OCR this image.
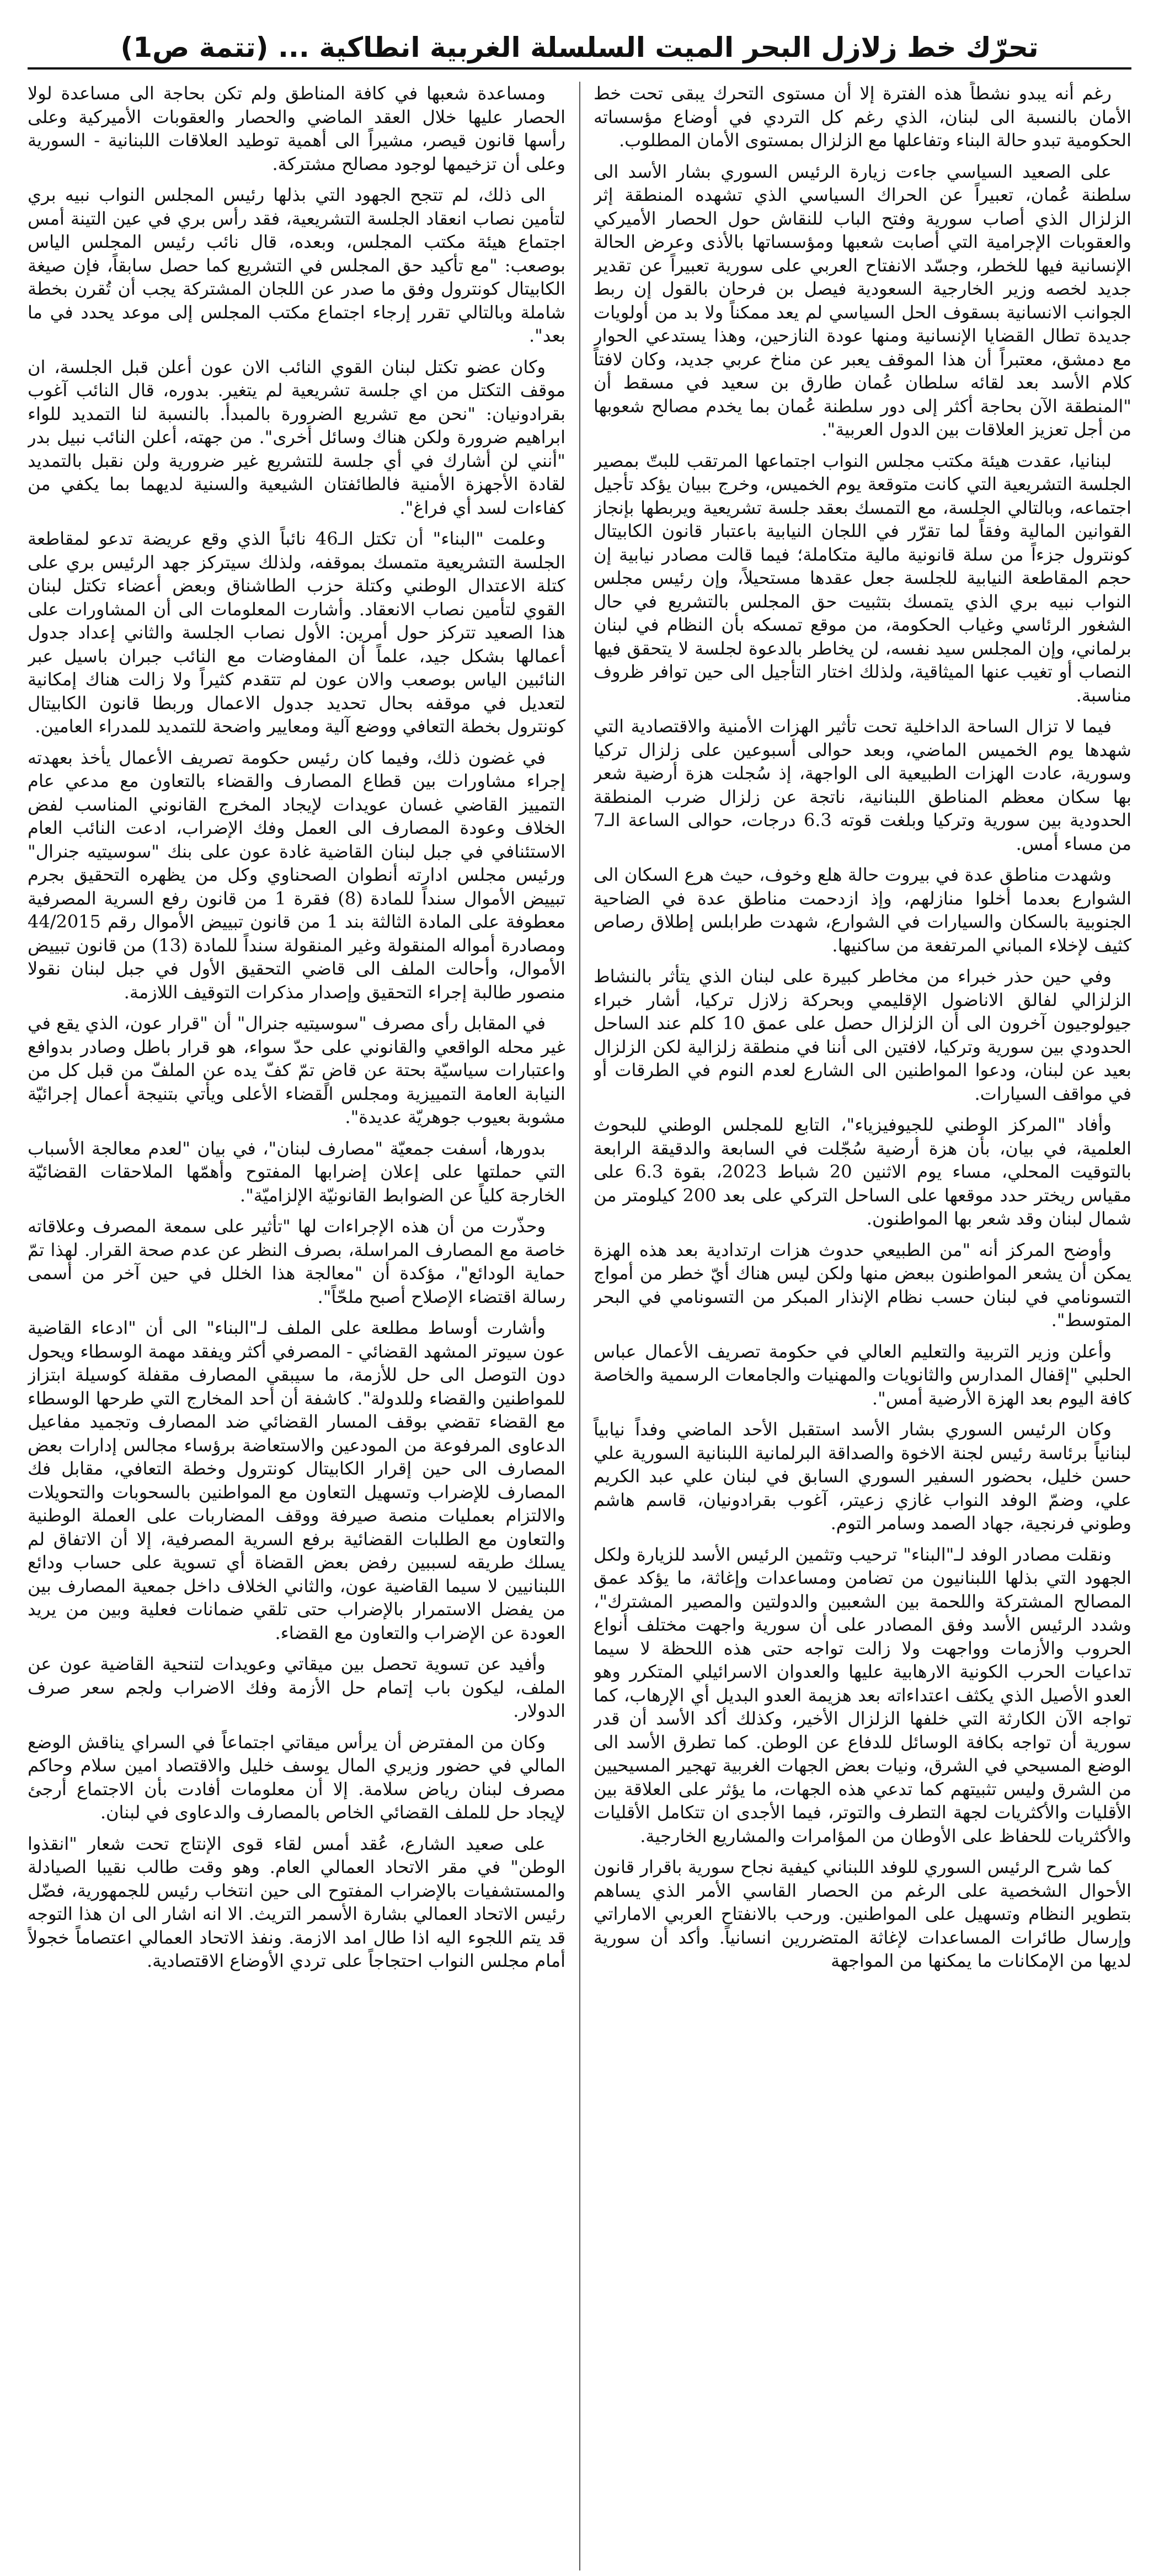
تحرّك خط زلازل البحر الميت السلسلة الغربية انطاكية ... (تتمة ص1)

رغم أنه يبدو نشطاً هذه الفترة إلا أن مستوى التحرك يبقى تحت خط الأمان بالنسبة الى لبنان، الذي رغم كل التردي في أوضاع مؤسساته الحكومية تبدو حالة البناء وتفاعلها مع الزلزال بمستوى الأمان المطلوب.

على الصعيد السياسي جاءت زيارة الرئيس السوري بشار الأسد الى سلطنة عُمان، تعبيراً عن الحراك السياسي الذي تشهده المنطقة إثر الزلزال الذي أصاب سورية وفتح الباب للنقاش حول الحصار الأميركي والعقوبات الإجرامية التي أصابت شعبها ومؤسساتها بالأذى وعرض الحالة الإنسانية فيها للخطر، وجسّد الانفتاح العربي على سورية تعبيراً عن تقدير جديد لخصه وزير الخارجية السعودية فيصل بن فرحان بالقول إن ربط الجوانب الانسانية بسقوف الحل السياسي لم يعد ممكناً ولا بد من أولويات جديدة تطال القضايا الإنسانية ومنها عودة النازحين، وهذا يستدعي الحوار مع دمشق، معتبراً أن هذا الموقف يعبر عن مناخ عربي جديد، وكان لافتاً كلام الأسد بعد لقائه سلطان عُمان طارق بن سعيد في مسقط أن "المنطقة الآن بحاجة أكثر إلى دور سلطنة عُمان بما يخدم مصالح شعوبها من أجل تعزيز العلاقات بين الدول العربية".

لبنانيا، عقدت هيئة مكتب مجلس النواب اجتماعها المرتقب للبتّ بمصير الجلسة التشريعية التي كانت متوقعة يوم الخميس، وخرج ببيان يؤكد تأجيل اجتماعه، وبالتالي الجلسة، مع التمسك بعقد جلسة تشريعية ويربطها بإنجاز القوانين المالية وفقاً لما تقرّر في اللجان النيابية باعتبار قانون الكابيتال كونترول جزءاً من سلة قانونية مالية متكاملة؛ فيما قالت مصادر نيابية إن حجم المقاطعة النيابية للجلسة جعل عقدها مستحيلاً، وإن رئيس مجلس النواب نبيه بري الذي يتمسك بتثبيت حق المجلس بالتشريع في حال الشغور الرئاسي وغياب الحكومة، من موقع تمسكه بأن النظام في لبنان برلماني، وإن المجلس سيد نفسه، لن يخاطر بالدعوة لجلسة لا يتحقق فيها النصاب أو تغيب عنها الميثاقية، ولذلك اختار التأجيل الى حين توافر ظروف مناسبة.

فيما لا تزال الساحة الداخلية تحت تأثير الهزات الأمنية والاقتصادية التي شهدها يوم الخميس الماضي، وبعد حوالى أسبوعين على زلزال تركيا وسورية، عادت الهزات الطبيعية الى الواجهة، إذ سُجلت هزة أرضية شعر بها سكان معظم المناطق اللبنانية، ناتجة عن زلزال ضرب المنطقة الحدودية بين سورية وتركيا وبلغت قوته 6.3 درجات، حوالى الساعة الـ7 من مساء أمس.

وشهدت مناطق عدة في بيروت حالة هلع وخوف، حيث هرع السكان الى الشوارع بعدما أخلوا منازلهم، وإذ ازدحمت مناطق عدة في الضاحية الجنوبية بالسكان والسيارات في الشوارع، شهدت طرابلس إطلاق رصاص كثيف لإخلاء المباني المرتفعة من ساكنيها.

وفي حين حذر خبراء من مخاطر كبيرة على لبنان الذي يتأثر بالنشاط الزلزالي لفالق الاناضول الإقليمي وبحركة زلازل تركيا، أشار خبراء جيولوجيون آخرون الى أن الزلزال حصل على عمق 10 كلم عند الساحل الحدودي بين سورية وتركيا، لافتين الى أننا في منطقة زلزالية لكن الزلزال بعيد عن لبنان، ودعوا المواطنين الى الشارع لعدم النوم في الطرقات أو في مواقف السيارات.

وأفاد "المركز الوطني للجيوفيزياء"، التابع للمجلس الوطني للبحوث العلمية، في بيان، بأن هزة أرضية سُجّلت في السابعة والدقيقة الرابعة بالتوقيت المحلي، مساء يوم الاثنين 20 شباط 2023، بقوة 6.3 على مقياس ريختر حدد موقعها على الساحل التركي على بعد 200 كيلومتر من شمال لبنان وقد شعر بها المواطنون.

وأوضح المركز أنه "من الطبيعي حدوث هزات ارتدادية بعد هذه الهزة يمكن أن يشعر المواطنون ببعض منها ولكن ليس هناك أيّ خطر من أمواج التسونامي في لبنان حسب نظام الإنذار المبكر من التسونامي في البحر المتوسط".

وأعلن وزير التربية والتعليم العالي في حكومة تصريف الأعمال عباس الحلبي "إقفال المدارس والثانويات والمهنيات والجامعات الرسمية والخاصة كافة اليوم بعد الهزة الأرضية أمس".

وكان الرئيس السوري بشار الأسد استقبل الأحد الماضي وفداً نيابياً لبنانياً برئاسة رئيس لجنة الاخوة والصداقة البرلمانية اللبنانية السورية علي حسن خليل، بحضور السفير السوري السابق في لبنان علي عبد الكريم علي، وضمّ الوفد النواب غازي زعيتر، آغوب بقرادونيان، قاسم هاشم وطوني فرنجية، جهاد الصمد وسامر التوم.

ونقلت مصادر الوفد لـ"البناء" ترحيب وتثمين الرئيس الأسد للزيارة ولكل الجهود التي بذلها اللبنانيون من تضامن ومساعدات وإغاثة، ما يؤكد عمق المصالح المشتركة واللحمة بين الشعبين والدولتين والمصير المشترك"، وشدد الرئيس الأسد وفق المصادر على أن سورية واجهت مختلف أنواع الحروب والأزمات وواجهت ولا زالت تواجه حتى هذه اللحظة لا سيما تداعيات الحرب الكونية الارهابية عليها والعدوان الاسرائيلي المتكرر وهو العدو الأصيل الذي يكثف اعتداءاته بعد هزيمة العدو البديل أي الإرهاب، كما تواجه الآن الكارثة التي خلفها الزلزال الأخير، وكذلك أكد الأسد أن قدر سورية أن تواجه بكافة الوسائل للدفاع عن الوطن. كما تطرق الأسد الى الوضع المسيحي في الشرق، ونيات بعض الجهات الغربية تهجير المسيحيين من الشرق وليس تثبيتهم كما تدعي هذه الجهات، ما يؤثر على العلاقة بين الأقليات والأكثريات لجهة التطرف والتوتر، فيما الأجدى ان تتكامل الأقليات والأكثريات للحفاظ على الأوطان من المؤامرات والمشاريع الخارجية.

كما شرح الرئيس السوري للوفد اللبناني كيفية نجاح سورية باقرار قانون الأحوال الشخصية على الرغم من الحصار القاسي الأمر الذي يساهم بتطوير النظام وتسهيل على المواطنين. ورحب بالانفتاح العربي الاماراتي وإرسال طائرات المساعدات لإغاثة المتضررين انسانياً. وأكد أن سورية لديها من الإمكانات ما يمكنها من المواجهة

ومساعدة شعبها في كافة المناطق ولم تكن بحاجة الى مساعدة لولا الحصار عليها خلال العقد الماضي والحصار والعقوبات الأميركية وعلى رأسها قانون قيصر، مشيراً الى أهمية توطيد العلاقات اللبنانية - السورية وعلى أن تزخيمها لوجود مصالح مشتركة.

الى ذلك، لم تتجح الجهود التي بذلها رئيس المجلس النواب نبيه بري لتأمين نصاب انعقاد الجلسة التشريعية، فقد رأس بري في عين التينة أمس اجتماع هيئة مكتب المجلس، وبعده، قال نائب رئيس المجلس الياس بوصعب: "مع تأكيد حق المجلس في التشريع كما حصل سابقاً، فإن صيغة الكابيتال كونترول وفق ما صدر عن اللجان المشتركة يجب أن تُقرن بخطة شاملة وبالتالي تقرر إرجاء اجتماع مكتب المجلس إلى موعد يحدد في ما بعد".

وكان عضو تكتل لبنان القوي النائب الان عون أعلن قبل الجلسة، ان موقف التكتل من اي جلسة تشريعية لم يتغير. بدوره، قال النائب آغوب بقرادونيان: "نحن مع تشريع الضرورة بالمبدأ. بالنسبة لنا التمديد للواء ابراهيم ضرورة ولكن هناك وسائل أخرى". من جهته، أعلن النائب نبيل بدر "أنني لن أشارك في أي جلسة للتشريع غير ضرورية ولن نقبل بالتمديد لقادة الأجهزة الأمنية فالطائفتان الشيعية والسنية لديهما بما يكفي من كفاءات لسد أي فراغ".

وعلمت "البناء" أن تكتل الـ46 نائباً الذي وقع عريضة تدعو لمقاطعة الجلسة التشريعية متمسك بموقفه، ولذلك سيتركز جهد الرئيس بري على كتلة الاعتدال الوطني وكتلة حزب الطاشناق وبعض أعضاء تكتل لبنان القوي لتأمين نصاب الانعقاد. وأشارت المعلومات الى أن المشاورات على هذا الصعيد تتركز حول أمرين: الأول نصاب الجلسة والثاني إعداد جدول أعمالها بشكل جيد، علماً أن المفاوضات مع النائب جبران باسيل عبر النائبين الياس بوصعب والان عون لم تتقدم كثيراً ولا زالت هناك إمكانية لتعديل في موقفه بحال تحديد جدول الاعمال وربطا قانون الكابيتال كونترول بخطة التعافي ووضع آلية ومعايير واضحة للتمديد للمدراء العامين.

في غضون ذلك، وفيما كان رئيس حكومة تصريف الأعمال يأخذ بعهدته إجراء مشاورات بين قطاع المصارف والقضاء بالتعاون مع مدعي عام التمييز القاضي غسان عويدات لإيجاد المخرج القانوني المناسب لفض الخلاف وعودة المصارف الى العمل وفك الإضراب، ادعت النائب العام الاستئنافي في جبل لبنان القاضية غادة عون على بنك "سوسيتيه جنرال" ورئيس مجلس ادارته أنطوان الصحناوي وكل من يظهره التحقيق بجرم تبييض الأموال سنداً للمادة (8) فقرة 1 من قانون رفع السرية المصرفية معطوفة على المادة الثالثة بند 1 من قانون تبييض الأموال رقم 44/2015 ومصادرة أمواله المنقولة وغير المنقولة سنداً للمادة (13) من قانون تبييض الأموال، وأحالت الملف الى قاضي التحقيق الأول في جبل لبنان نقولا منصور طالبة إجراء التحقيق وإصدار مذكرات التوقيف اللازمة.

في المقابل رأى مصرف "سوسيتيه جنرال" أن "قرار عون، الذي يقع في غير محله الواقعي والقانوني على حدّ سواء، هو قرار باطل وصادر بدوافع واعتبارات سياسيّة بحتة عن قاضٍ تمّ كفّ يده عن الملفّ من قبل كل من النيابة العامة التمييزية ومجلس القضاء الأعلى ويأتي بتنيجة أعمال إجرائيّة مشوبة بعيوب جوهريّة عديدة".

بدورها، أسفت جمعيّة "مصارف لبنان"، في بيان "لعدم معالجة الأسباب التي حملتها على إعلان إضرابها المفتوح وأهمّها الملاحقات القضائيّة الخارجة كلياً عن الضوابط القانونيّة الإلزاميّة".

وحذّرت من أن هذه الإجراءات لها "تأثير على سمعة المصرف وعلاقاته خاصة مع المصارف المراسلة، بصرف النظر عن عدم صحة القرار. لهذا تمّ حماية الودائع"، مؤكدة أن "معالجة هذا الخلل في حين آخر من أسمى رسالة اقتضاء الإصلاح أصبح ملحّاً".

وأشارت أوساط مطلعة على الملف لـ"البناء" الى أن "ادعاء القاضية عون سيوتر المشهد القضائي - المصرفي أكثر ويفقد مهمة الوسطاء ويحول دون التوصل الى حل للأزمة، ما سيبقي المصارف مقفلة كوسيلة ابتزاز للمواطنين والقضاء وللدولة". كاشفة أن أحد المخارج التي طرحها الوسطاء مع القضاء تقضي بوقف المسار القضائي ضد المصارف وتجميد مفاعيل الدعاوى المرفوعة من المودعين والاستعاضة برؤساء مجالس إدارات بعض المصارف الى حين إقرار الكابيتال كونترول وخطة التعافي، مقابل فك المصارف للإضراب وتسهيل التعاون مع المواطنين بالسحوبات والتحويلات والالتزام بعمليات منصة صيرفة ووقف المضاربات على العملة الوطنية والتعاون مع الطلبات القضائية برفع السرية المصرفية، إلا أن الاتفاق لم يسلك طريقه لسببين رفض بعض القضاة أي تسوية على حساب ودائع اللبنانيين لا سيما القاضية عون، والثاني الخلاف داخل جمعية المصارف بين من يفضل الاستمرار بالإضراب حتى تلقي ضمانات فعلية وبين من يريد العودة عن الإضراب والتعاون مع القضاء.

وأفيد عن تسوية تحصل بين ميقاتي وعويدات لتنحية القاضية عون عن الملف، ليكون باب إتمام حل الأزمة وفك الاضراب ولجم سعر صرف الدولار.

وكان من المفترض أن يرأس ميقاتي اجتماعاً في السراي يناقش الوضع المالي في حضور وزيري المال يوسف خليل والاقتصاد امين سلام وحاكم مصرف لبنان رياض سلامة. إلا أن معلومات أفادت بأن الاجتماع أرجئ لإيجاد حل للملف القضائي الخاص بالمصارف والدعاوى في لبنان.

على صعيد الشارع، عُقد أمس لقاء قوى الإنتاج تحت شعار "انقذوا الوطن" في مقر الاتحاد العمالي العام. وهو وقت طالب نقيبا الصيادلة والمستشفيات بالإضراب المفتوح الى حين انتخاب رئيس للجمهورية، فضّل رئيس الاتحاد العمالي بشارة الأسمر التريث. الا انه اشار الى ان هذا التوجه قد يتم اللجوء اليه اذا طال امد الازمة. ونفذ الاتحاد العمالي اعتصاماً خجولاً أمام مجلس النواب احتجاجاً على تردي الأوضاع الاقتصادية.
